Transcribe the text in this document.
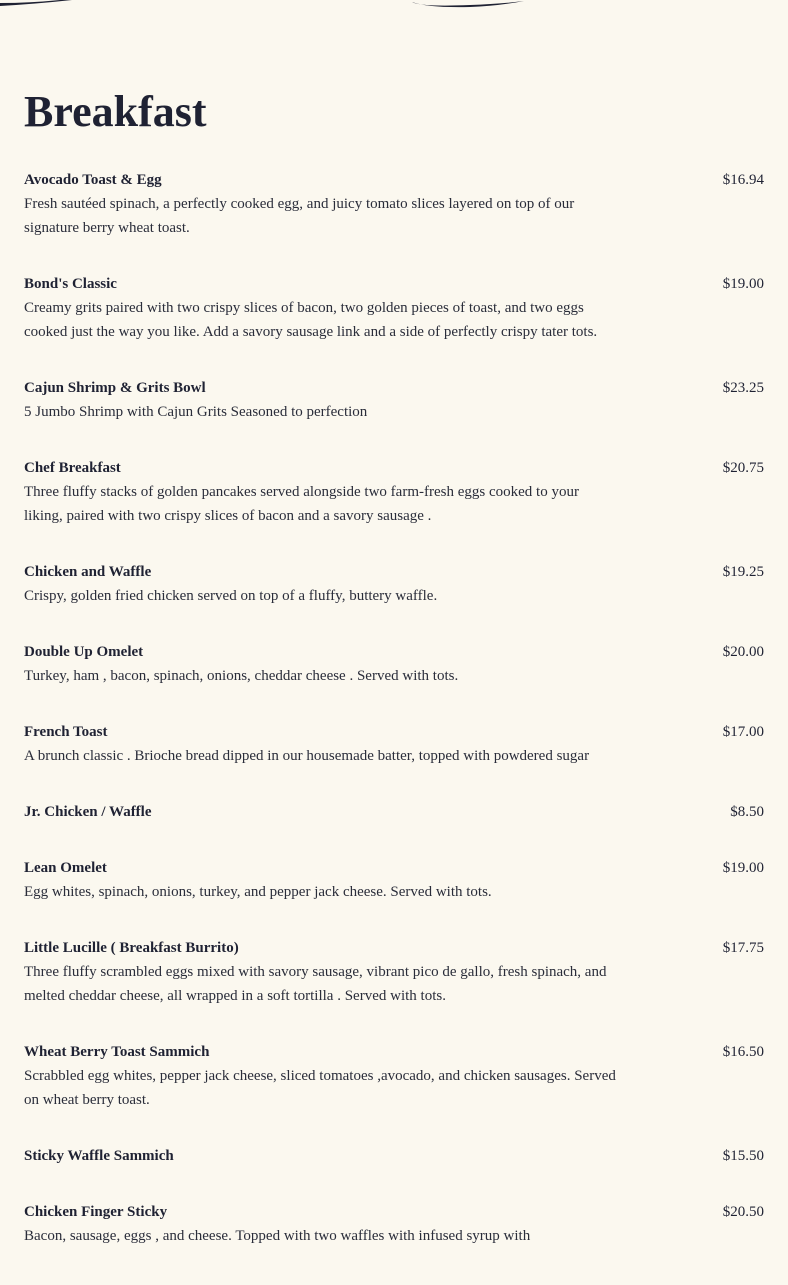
Breakfast
Avocado Toast & Egg	$16.94
Fresh sautéed spinach, a perfectly cooked egg, and juicy tomato slices layered on top of our signature berry wheat toast.
Bond's Classic	$19.00
Creamy grits paired with two crispy slices of bacon, two golden pieces of toast, and two eggs cooked just the way you like. Add a savory sausage link and a side of perfectly crispy tater tots.
Cajun Shrimp & Grits Bowl	$23.25
5 Jumbo Shrimp with Cajun Grits Seasoned to perfection
Chef Breakfast	$20.75
Three fluffy stacks of golden pancakes served alongside two farm-fresh eggs cooked to your liking, paired with two crispy slices of bacon and a savory sausage .
Chicken and Waffle	$19.25
Crispy, golden fried chicken served on top of a fluffy, buttery waffle.
Double Up Omelet	$20.00
Turkey, ham , bacon, spinach, onions, cheddar cheese . Served with tots.
French Toast	$17.00
A brunch classic . Brioche bread dipped in our housemade batter, topped with powdered sugar
Jr. Chicken / Waffle	$8.50
Lean Omelet	$19.00
Egg whites, spinach, onions, turkey, and pepper jack cheese. Served with tots.
Little Lucille ( Breakfast Burrito)	$17.75
Three fluffy scrambled eggs mixed with savory sausage, vibrant pico de gallo, fresh spinach, and melted cheddar cheese, all wrapped in a soft tortilla . Served with tots.
Wheat Berry Toast Sammich	$16.50
Scrabbled egg whites, pepper jack cheese, sliced tomatoes ,avocado, and chicken sausages. Served on wheat berry toast.
Sticky Waffle Sammich	$15.50
Chicken Finger Sticky	$20.50
Bacon, sausage, eggs , and cheese. Topped with two waffles with infused syrup with
